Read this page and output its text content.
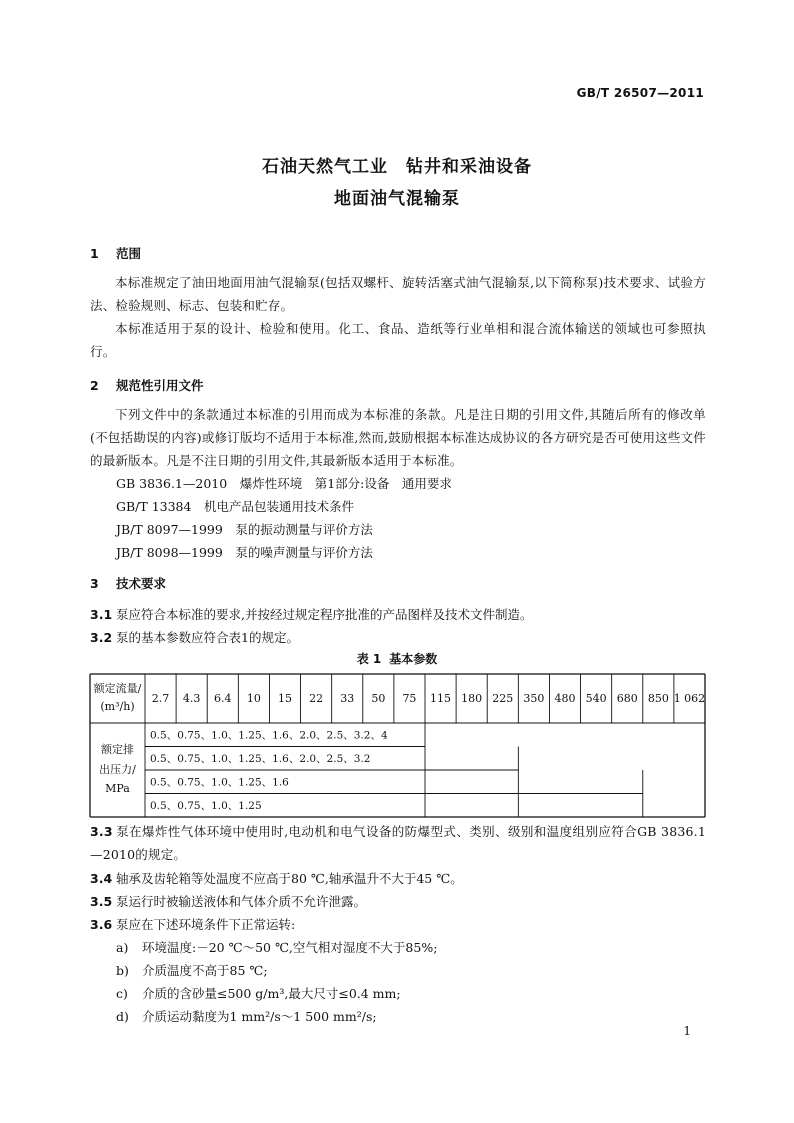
GB/T 26507—2011
石油天然气工业　钻井和采油设备
地面油气混输泵
1 范围
本标准规定了油田地面用油气混输泵(包括双螺杆、旋转活塞式油气混输泵,以下简称泵)技术要求、试验方法、检验规则、标志、包装和贮存。
本标准适用于泵的设计、检验和使用。化工、食品、造纸等行业单相和混合流体输送的领域也可参照执行。
2 规范性引用文件
下列文件中的条款通过本标准的引用而成为本标准的条款。凡是注日期的引用文件,其随后所有的修改单(不包括勘误的内容)或修订版均不适用于本标准,然而,鼓励根据本标准达成协议的各方研究是否可使用这些文件的最新版本。凡是不注日期的引用文件,其最新版本适用于本标准。
GB 3836.1—2010　爆炸性环境　第1部分:设备　通用要求
GB/T 13384　机电产品包装通用技术条件
JB/T 8097—1999　泵的振动测量与评价方法
JB/T 8098—1999　泵的噪声测量与评价方法
3 技术要求
3.1 泵应符合本标准的要求,并按经过规定程序批准的产品图样及技术文件制造。
3.2 泵的基本参数应符合表1的规定。
表 1 基本参数
额定流量/
(m³/h)
2.7 4.3 6.4 10 15 22 33 50 75 115 180 225 350 480 540 680 850 1 062
额定排
出压力/
MPa
0.5、0.75、1.0、1.25、1.6、2.0、2.5、3.2、4
0.5、0.75、1.0、1.25、1.6、2.0、2.5、3.2
0.5、0.75、1.0、1.25、1.6
0.5、0.75、1.0、1.25
3.3 泵在爆炸性气体环境中使用时,电动机和电气设备的防爆型式、类别、级别和温度组别应符合GB 3836.1—2010的规定。
3.4 轴承及齿轮箱等处温度不应高于80 ℃,轴承温升不大于45 ℃。
3.5 泵运行时被输送液体和气体介质不允许泄露。
3.6 泵应在下述环境条件下正常运转:
a) 环境温度:－20 ℃～50 ℃,空气相对湿度不大于85%;
b) 介质温度不高于85 ℃;
c) 介质的含砂量≤500 g/m³,最大尺寸≤0.4 mm;
d) 介质运动黏度为1 mm²/s～1 500 mm²/s;
1
